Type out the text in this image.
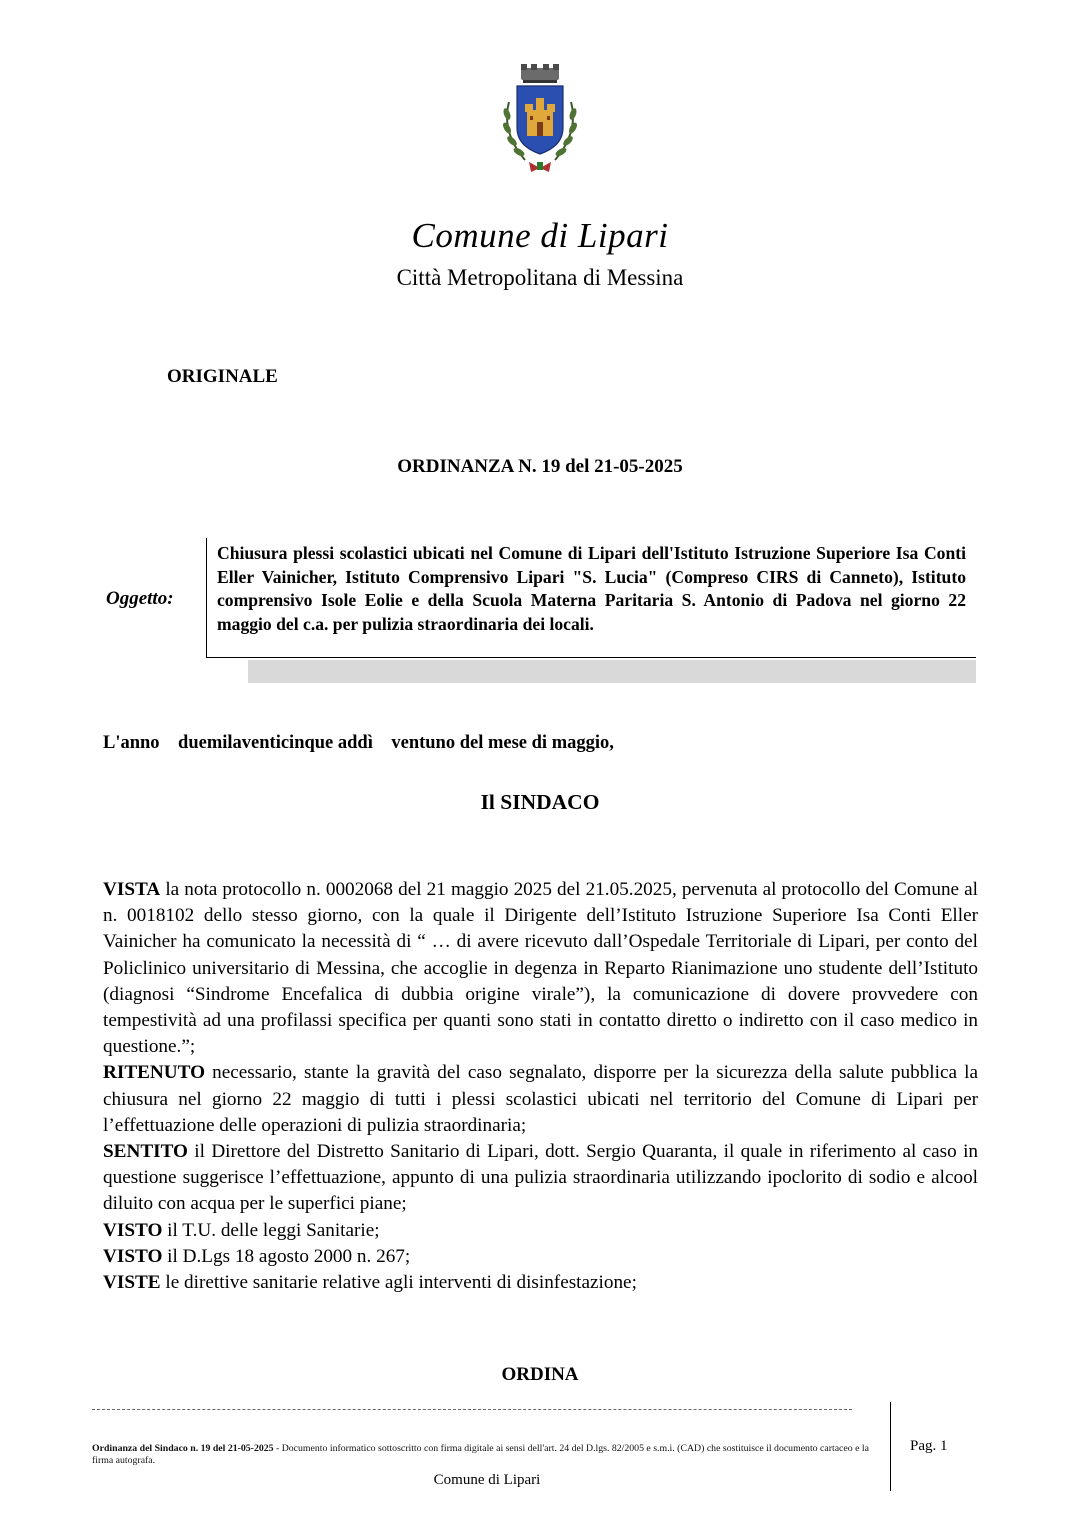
Comune di Lipari
Città Metropolitana di Messina
ORIGINALE
ORDINANZA N. 19 del 21-05-2025
Oggetto:
Chiusura plessi scolastici ubicati nel Comune di Lipari dell'Istituto Istruzione Superiore Isa Conti Eller Vainicher, Istituto Comprensivo Lipari "S. Lucia" (Compreso CIRS di Canneto), Istituto comprensivo Isole Eolie e della Scuola Materna Paritaria S. Antonio di Padova nel giorno 22 maggio del c.a. per pulizia straordinaria dei locali.
L'anno    duemilaventicinque addì    ventuno del mese di maggio,
Il SINDACO

VISTA la nota protocollo n. 0002068 del 21 maggio 2025 del 21.05.2025, pervenuta al protocollo del Comune al n. 0018102 dello stesso giorno, con la quale il Dirigente dell’Istituto Istruzione Superiore Isa Conti Eller Vainicher ha comunicato la necessità di “ … di avere ricevuto dall’Ospedale Territoriale di Lipari, per conto del Policlinico universitario di Messina, che accoglie in degenza in Reparto Rianimazione uno studente dell’Istituto (diagnosi “Sindrome Encefalica di dubbia origine virale”), la comunicazione di dovere provvedere con tempestività ad una profilassi specifica per quanti sono stati in contatto diretto o indiretto con il caso medico in questione.”;

RITENUTO necessario, stante la gravità del caso segnalato, disporre per la sicurezza della salute pubblica la chiusura nel giorno 22 maggio di tutti i plessi scolastici ubicati nel territorio del Comune di Lipari per l’effettuazione delle operazioni di pulizia straordinaria;

SENTITO il Direttore del Distretto Sanitario di Lipari, dott. Sergio Quaranta, il quale in riferimento al caso in questione suggerisce l’effettuazione, appunto di una pulizia straordinaria utilizzando ipoclorito di sodio e alcool diluito con acqua per le superfici piane;

VISTO il T.U. delle leggi Sanitarie;

VISTO il D.Lgs 18 agosto 2000 n. 267;

VISTE le direttive sanitarie relative agli interventi di disinfestazione;

ORDINA
Ordinanza del Sindaco n. 19 del 21-05-2025 - Documento informatico sottoscritto con firma digitale ai sensi dell'art. 24 del D.lgs. 82/2005 e s.m.i. (CAD) che sostituisce il documento cartaceo e la firma autografa.
Pag. 1
Comune di Lipari
